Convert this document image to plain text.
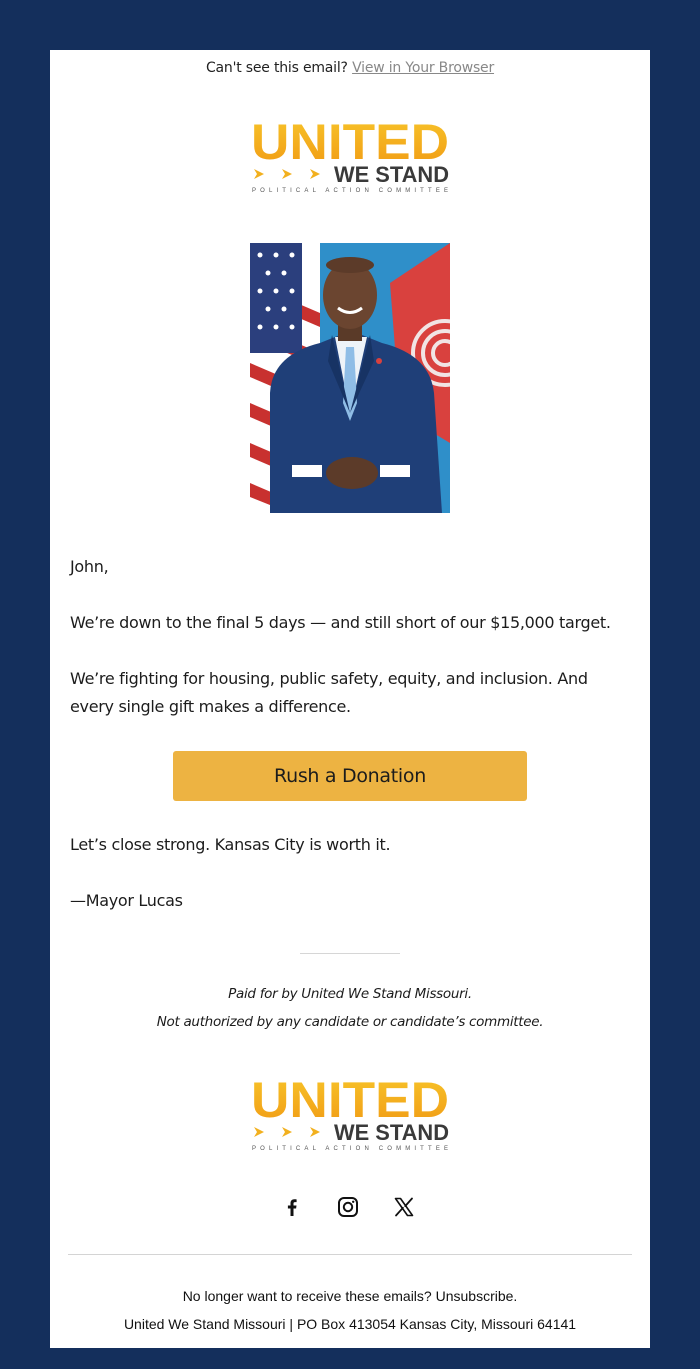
Can't see this email? View in Your Browser
UNITED
WE STAND
POLITICAL ACTION COMMITTEE
John,
We’re down to the final 5 days — and still short of our $15,000 target.
We’re fighting for housing, public safety, equity, and inclusion. And every single gift makes a difference.
Rush a Donation
Let’s close strong. Kansas City is worth it.
—Mayor Lucas
Paid for by United We Stand Missouri.
Not authorized by any candidate or candidate’s committee.
UNITED
WE STAND
POLITICAL ACTION COMMITTEE
No longer want to receive these emails? Unsubscribe.
United We Stand Missouri | PO Box 413054 Kansas City, Missouri 64141
